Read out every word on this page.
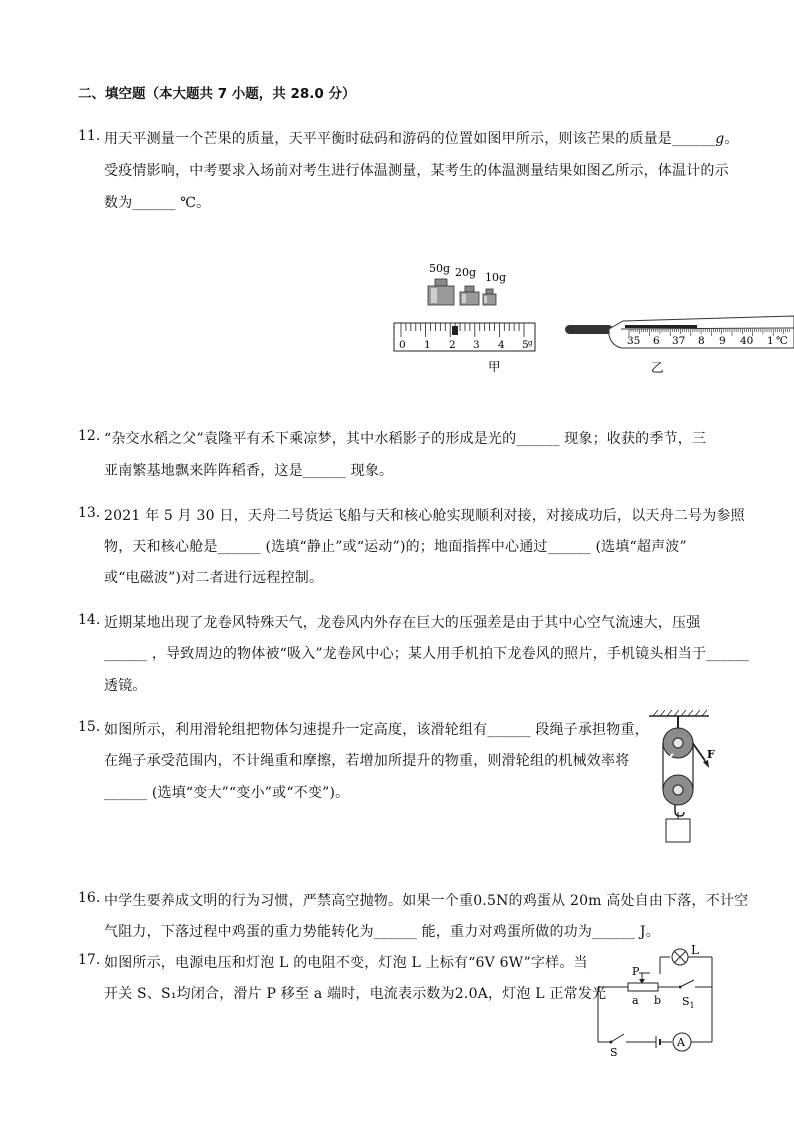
二、填空题（本大题共 7 小题，共 28.0 分）
11. 用天平测量一个芒果的质量，天平平衡时砝码和游码的位置如图甲所示，则该芒果的质量是______g。
受疫情影响，中考要求入场前对考生进行体温测量，某考生的体温测量结果如图乙所示，体温计的示
数为______ ℃。
50g 20g 10g
0 1 2 3 4 5 g	35 6 37 8 9 40 1 ℃
甲	乙
12. “杂交水稻之父”袁隆平有禾下乘凉梦，其中水稻影子的形成是光的______ 现象；收获的季节，三
亚南繁基地飘来阵阵稻香，这是______ 现象。
13. 2021 年 5 月 30 日，天舟二号货运飞船与天和核心舱实现顺利对接，对接成功后，以天舟二号为参照
物，天和核心舱是______ (选填“静止”或“运动”)的；地面指挥中心通过______ (选填“超声波”
或“电磁波”)对二者进行远程控制。
14. 近期某地出现了龙卷风特殊天气，龙卷风内外存在巨大的压强差是由于其中心空气流速大，压强
______ ，导致周边的物体被“吸入”龙卷风中心；某人用手机拍下龙卷风的照片，手机镜头相当于______
透镜。
15. 如图所示，利用滑轮组把物体匀速提升一定高度，该滑轮组有______ 段绳子承担物重，
在绳子承受范围内，不计绳重和摩擦，若增加所提升的物重，则滑轮组的机械效率将
______ (选填“变大”“变小”或“不变”)。
F
16. 中学生要养成文明的行为习惯，严禁高空抛物。如果一个重0.5N的鸡蛋从 20m 高处自由下落，不计空
气阻力，下落过程中鸡蛋的重力势能转化为______ 能，重力对鸡蛋所做的功为______ J。
17. 如图所示，电源电压和灯泡 L 的电阻不变，灯泡 L 上标有“6V 6W”字样。当
开关 S、S₁均闭合，滑片 P 移至 a 端时，电流表示数为2.0A，灯泡 L 正常发光
L
P
a b $S_1$
S
A
